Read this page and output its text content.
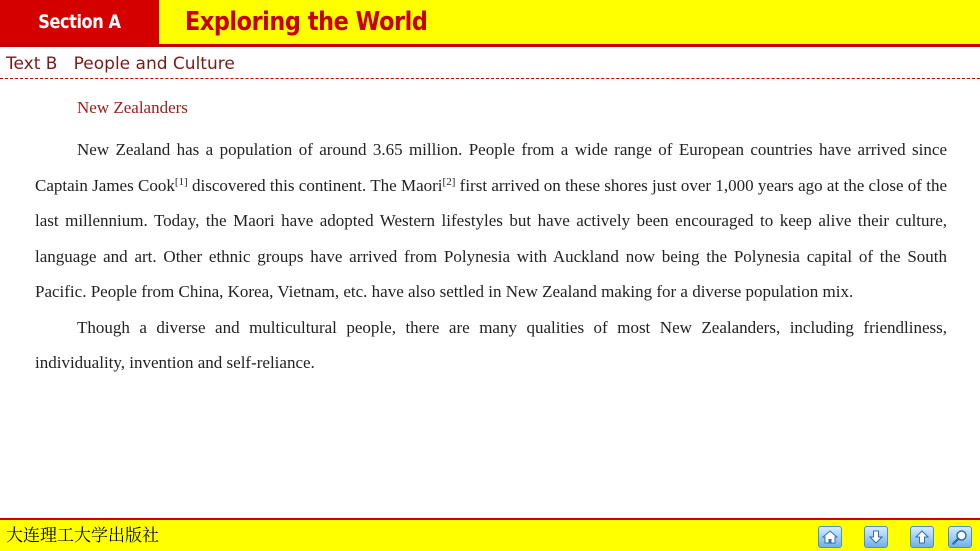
Section A Exploring the World
Text B   People and Culture
New Zealanders

New Zealand has a population of around 3.65 million. People from a wide range of European countries have arrived since Captain James Cook[1] discovered this continent. The Maori[2] first arrived on these shores just over 1,000 years ago at the close of the last millennium. Today, the Maori have adopted Western lifestyles but have actively been encouraged to keep alive their culture, language and art. Other ethnic groups have arrived from Polynesia with Auckland now being the Polynesia capital of the South Pacific. People from China, Korea, Vietnam, etc. have also settled in New Zealand making for a diverse population mix.

Though a diverse and multicultural people, there are many qualities of most New Zealanders, including friendliness, individuality, invention and self-reliance.

大连理工大学出版社
